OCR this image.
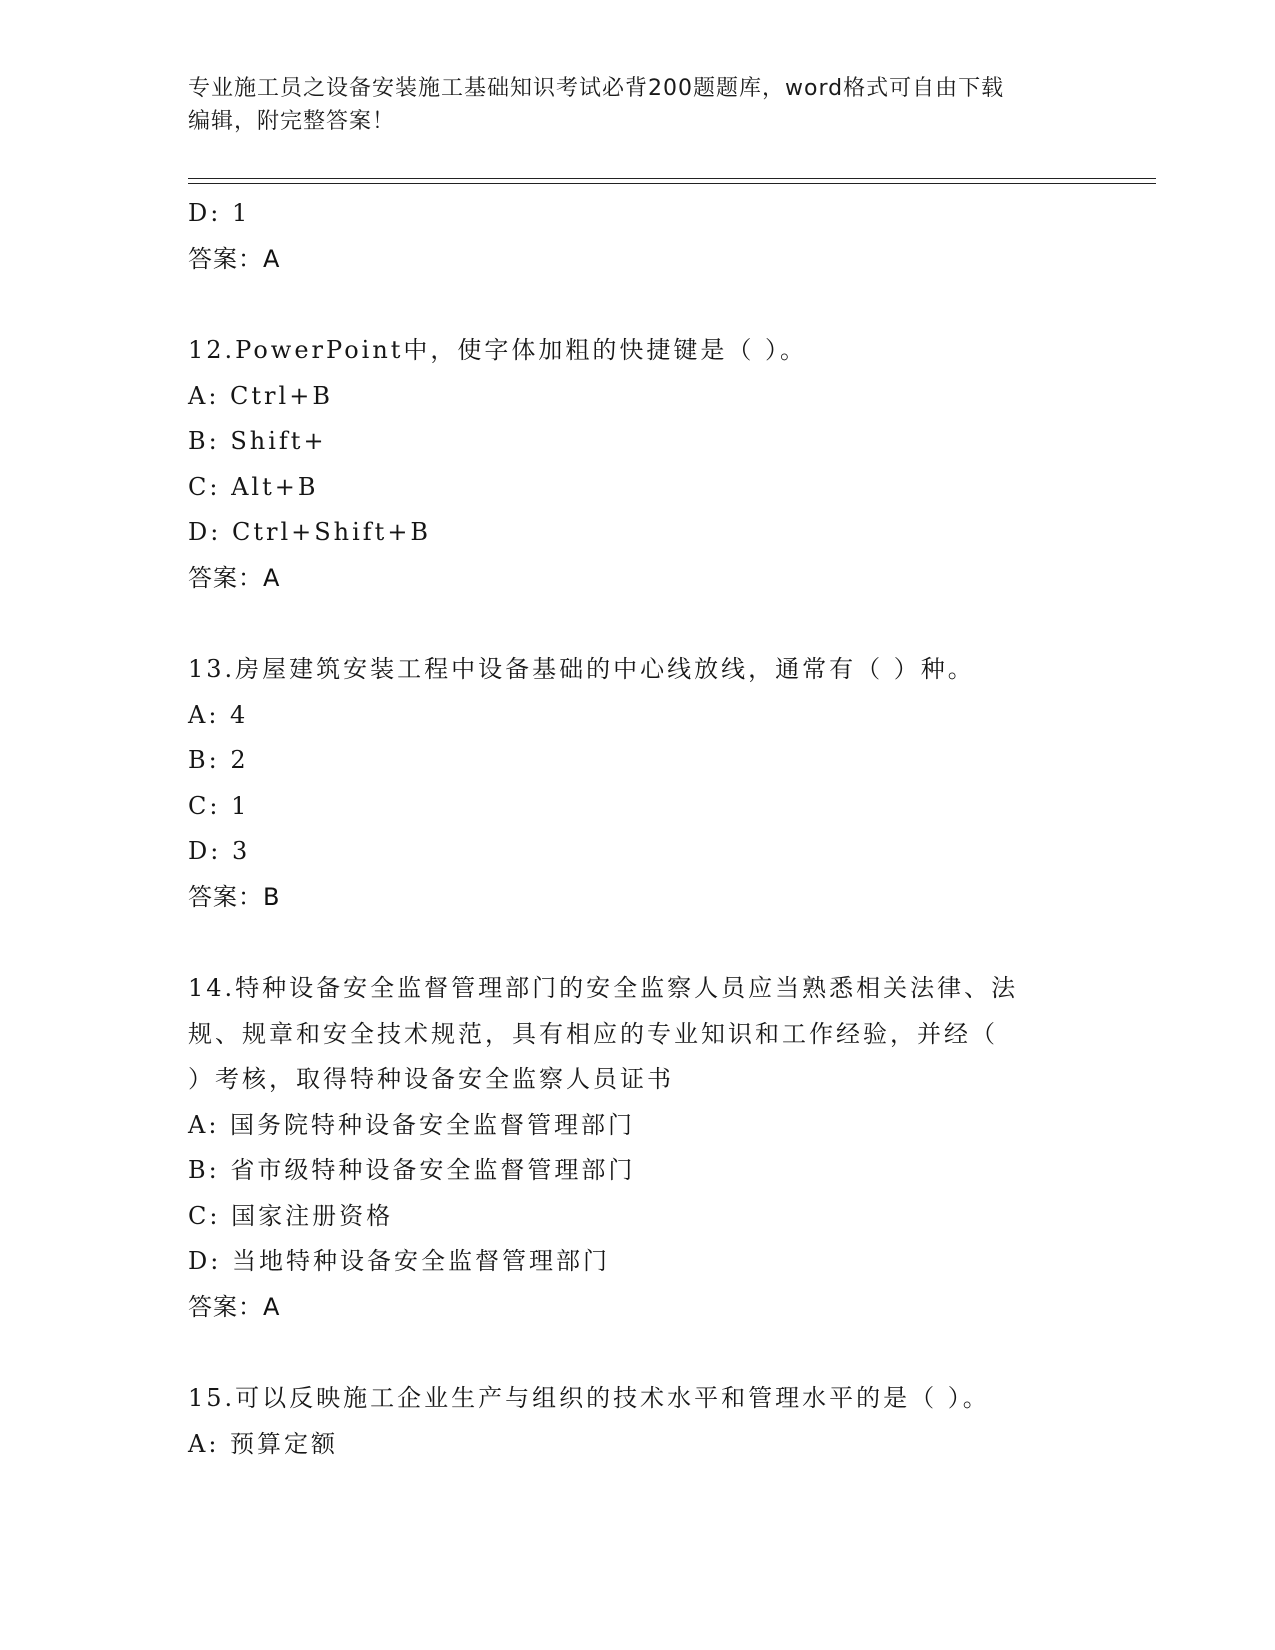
专业施工员之设备安装施工基础知识考试必背200题题库，word格式可自由下载
编辑，附完整答案！
D: 1
答案：A
12.PowerPoint中，使字体加粗的快捷键是（ ）。
A: Ctrl+B
B: Shift+
C: Alt+B
D: Ctrl+Shift+B
答案：A
13.房屋建筑安装工程中设备基础的中心线放线，通常有（ ）种。
A: 4
B: 2
C: 1
D: 3
答案：B
14.特种设备安全监督管理部门的安全监察人员应当熟悉相关法律、法
规、规章和安全技术规范，具有相应的专业知识和工作经验，并经（
）考核，取得特种设备安全监察人员证书
A: 国务院特种设备安全监督管理部门
B: 省市级特种设备安全监督管理部门
C: 国家注册资格
D: 当地特种设备安全监督管理部门
答案：A
15.可以反映施工企业生产与组织的技术水平和管理水平的是（ ）。
A: 预算定额
